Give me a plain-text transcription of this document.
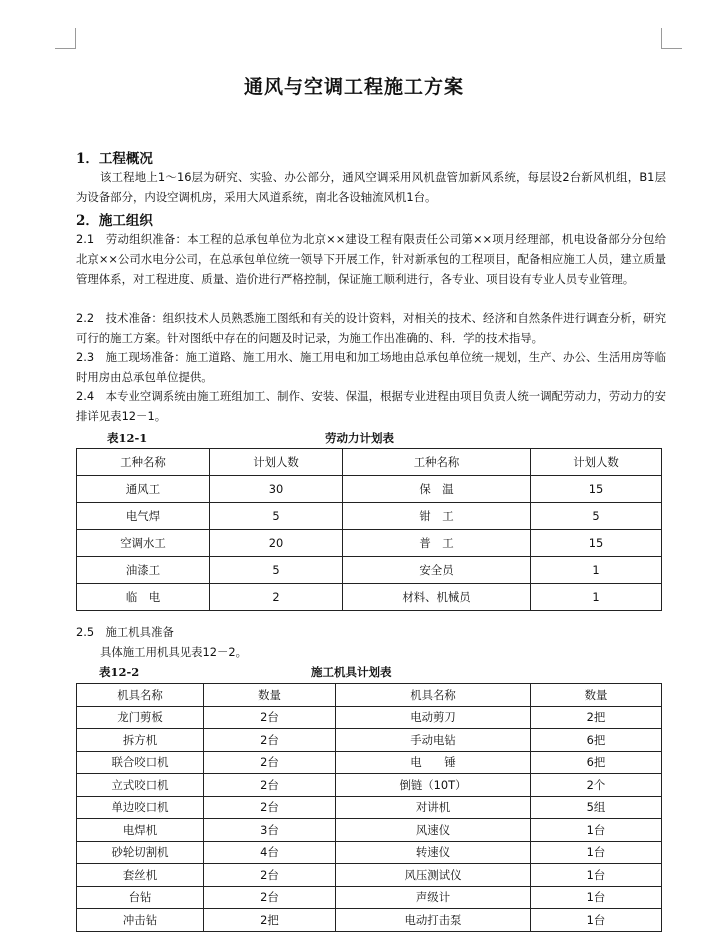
通风与空调工程施工方案
1．工程概况
该工程地上1～16层为研究、实验、办公部分，通风空调采用风机盘管加新风系统，每层设2台新风机组，B1层为设备部分，内设空调机房，采用大风道系统，南北各设轴流风机1台。
2．施工组织
2.1　劳动组织准备：本工程的总承包单位为北京××建设工程有限责任公司第××项月经理部，机电设备部分分包给北京××公司水电分公司，在总承包单位统一领导下开展工作，针对新承包的工程项目，配备相应施工人员，建立质量管理体系，对工程进度、质量、造价进行严格控制，保证施工顺利进行，各专业、项目设有专业人员专业管理。
2.2　技术准备：组织技术人员熟悉施工图纸和有关的设计资料，对相关的技术、经济和自然条件进行调查分析，研究可行的施工方案。针对图纸中存在的问题及时记录，为施工作出准确的、科．学的技术指导。
2.3　施工现场准备：施工道路、施工用水、施工用电和加工场地由总承包单位统一规划，生产、办公、生活用房等临时用房由总承包单位提供。
2.4　本专业空调系统由施工班组加工、制作、安装、保温，根据专业进程由项目负责人统一调配劳动力，劳动力的安排详见表12－1。
表12-1	劳动力计划表
工种名称	计划人数	工种名称	计划人数
通风工	30	保　温	15
电气焊	5	钳　工	5
空调水工	20	普　工	15
油漆工	5	安全员	1
临　电	2	材料、机械员	1
2.5　施工机具准备
具体施工用机具见表12－2。
表12-2	施工机具计划表
机具名称	数量	机具名称	数量
龙门剪板	2台	电动剪刀	2把
拆方机	2台	手动电钻	6把
联合咬口机	2台	电　　锤	6把
立式咬口机	2台	倒链（10T）	2个
单边咬口机	2台	对讲机	5组
电焊机	3台	风速仪	1台
砂轮切割机	4台	转速仪	1台
套丝机	2台	风压测试仪	1台
台钻	2台	声级计	1台
冲击钻	2把	电动打击泵	1台
